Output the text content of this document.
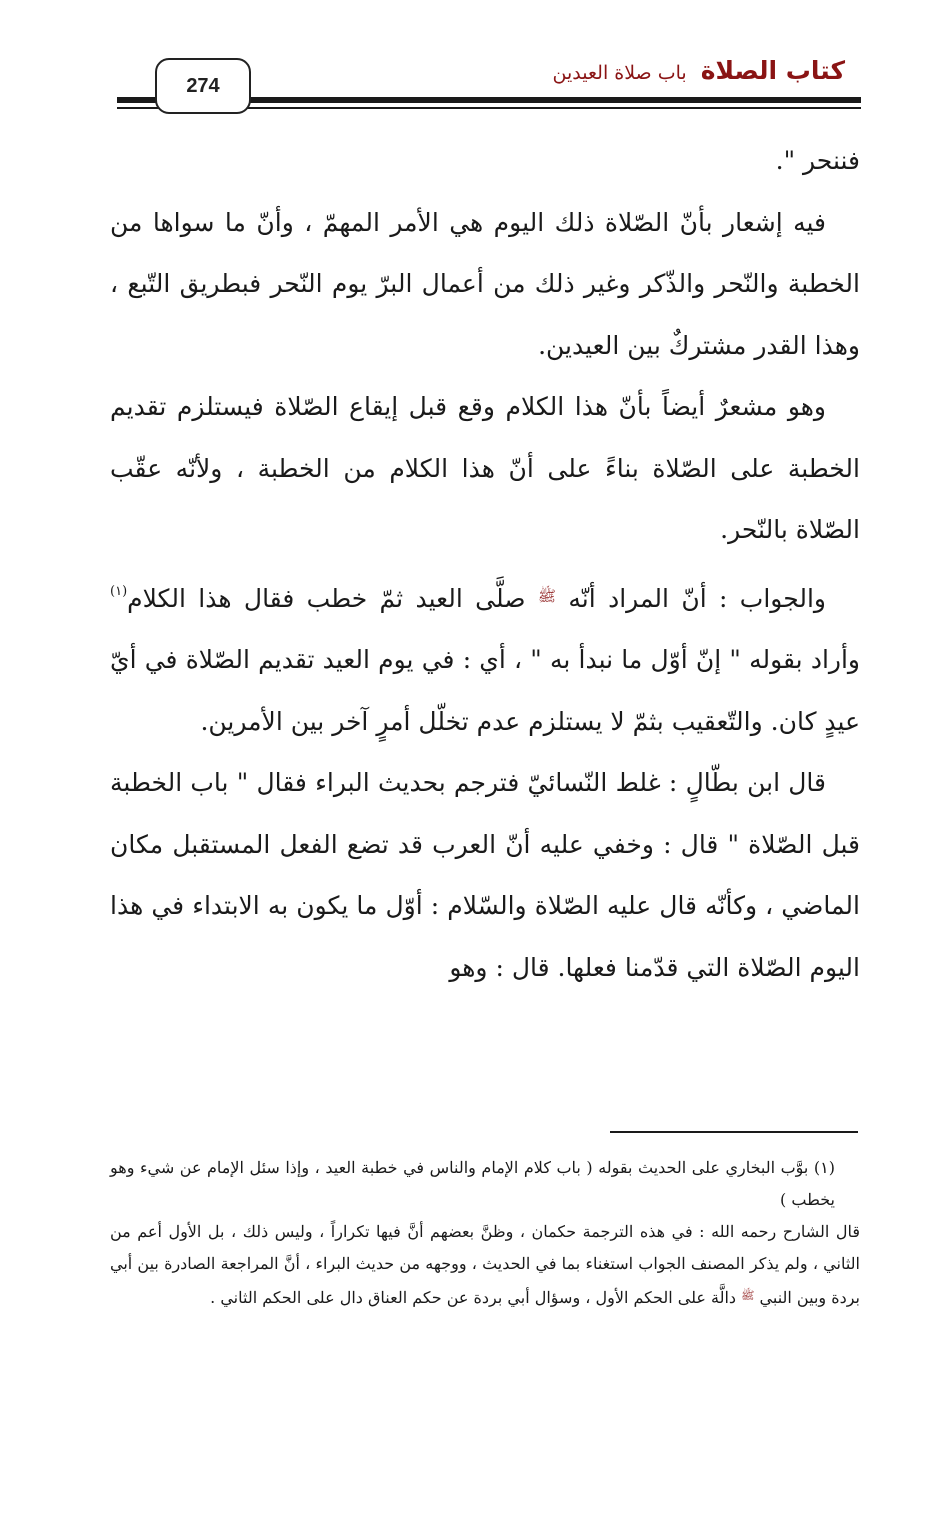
274
كتاب الصلاة
باب صلاة العيدين

فننحر ".

فيه إشعار بأنّ الصّلاة ذلك اليوم هي الأمر المهمّ ، وأنّ ما سواها من الخطبة والنّحر والذّكر وغير ذلك من أعمال البرّ يوم النّحر فبطريق التّبع ، وهذا القدر مشتركٌ بين العيدين.

وهو مشعرٌ أيضاً بأنّ هذا الكلام وقع قبل إيقاع الصّلاة فيستلزم تقديم الخطبة على الصّلاة بناءً على أنّ هذا الكلام من الخطبة ، ولأنّه عقّب الصّلاة بالنّحر.

والجواب : أنّ المراد أنّه $^ﷺ$ صلَّى العيد ثمّ خطب فقال هذا الكلام$^{(١)}$ وأراد بقوله " إنّ أوّل ما نبدأ به " ، أي : في يوم العيد تقديم الصّلاة في أيّ عيدٍ كان. والتّعقيب بثمّ لا يستلزم عدم تخلّل أمرٍ آخر بين الأمرين.

قال ابن بطّالٍ : غلط النّسائيّ فترجم بحديث البراء فقال " باب الخطبة قبل الصّلاة " قال : وخفي عليه أنّ العرب قد تضع الفعل المستقبل مكان الماضي ، وكأنّه قال عليه الصّلاة والسّلام : أوّل ما يكون به الابتداء في هذا اليوم الصّلاة التي قدّمنا فعلها. قال : وهو

(١) بوَّب البخاري على الحديث بقوله ( باب كلام الإمام والناس في خطبة العيد ، وإذا سئل الإمام عن شيء وهو يخطب )

قال الشارح رحمه الله : في هذه الترجمة حكمان ، وظنَّ بعضهم أنَّ فيها تكراراً ، وليس ذلك ، بل الأول أعم من الثاني ، ولم يذكر المصنف الجواب استغناء بما في الحديث ، ووجهه من حديث البراء ، أنَّ المراجعة الصادرة بين أبي بردة وبين النبي $^ﷺ$ دالَّة على الحكم الأول ، وسؤال أبي بردة عن حكم العناق دال على الحكم الثاني .
